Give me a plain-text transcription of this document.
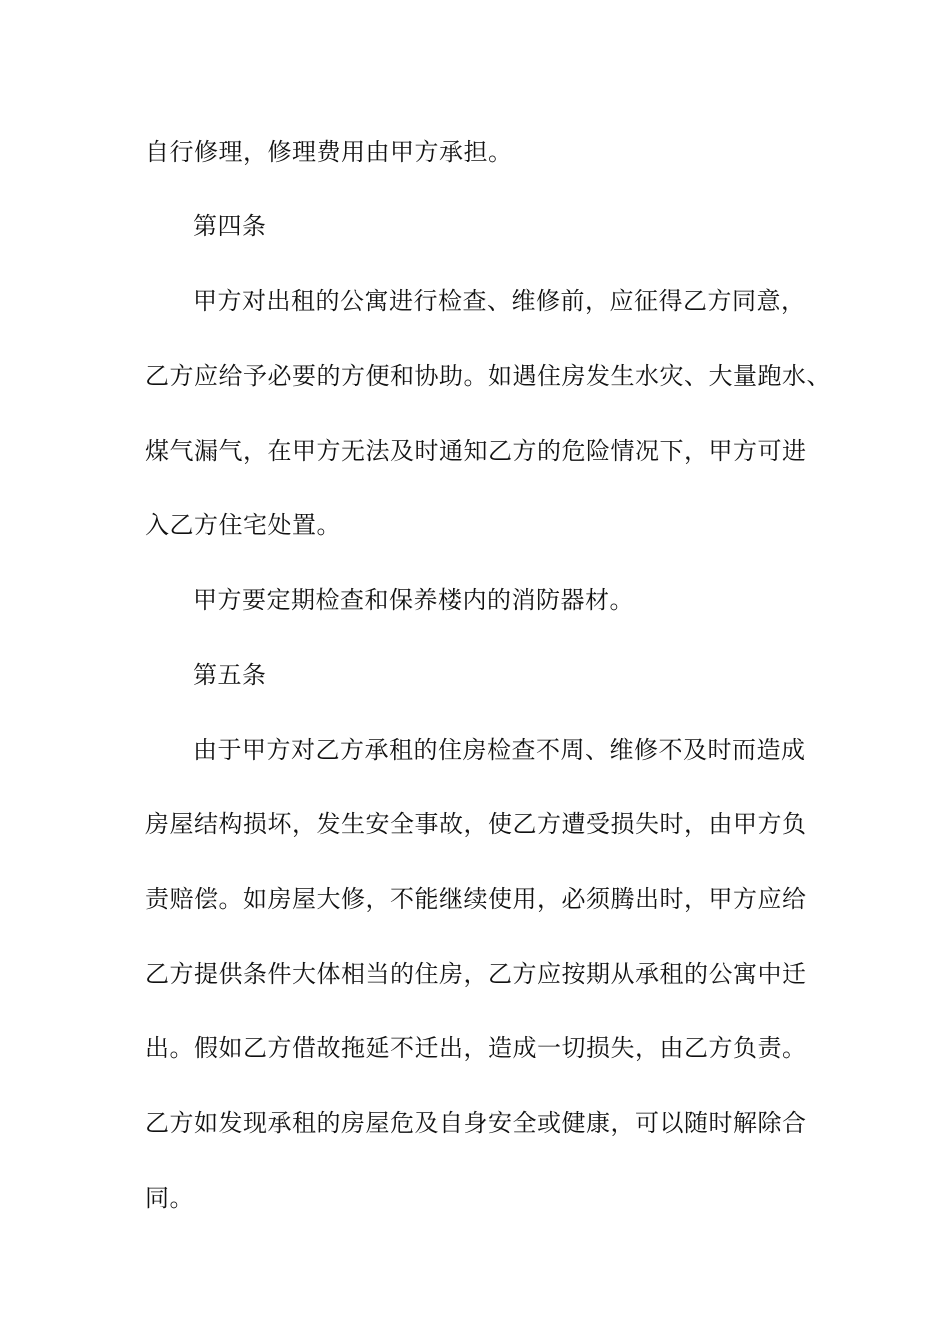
自行修理，修理费用由甲方承担。
第四条
甲方对出租的公寓进行检查、维修前，应征得乙方同意，
乙方应给予必要的方便和协助。如遇住房发生水灾、大量跑水、
煤气漏气，在甲方无法及时通知乙方的危险情况下，甲方可进
入乙方住宅处置。
甲方要定期检查和保养楼内的消防器材。
第五条
由于甲方对乙方承租的住房检查不周、维修不及时而造成
房屋结构损坏，发生安全事故，使乙方遭受损失时，由甲方负
责赔偿。如房屋大修，不能继续使用，必须腾出时，甲方应给
乙方提供条件大体相当的住房，乙方应按期从承租的公寓中迁
出。假如乙方借故拖延不迁出，造成一切损失，由乙方负责。
乙方如发现承租的房屋危及自身安全或健康，可以随时解除合
同。
